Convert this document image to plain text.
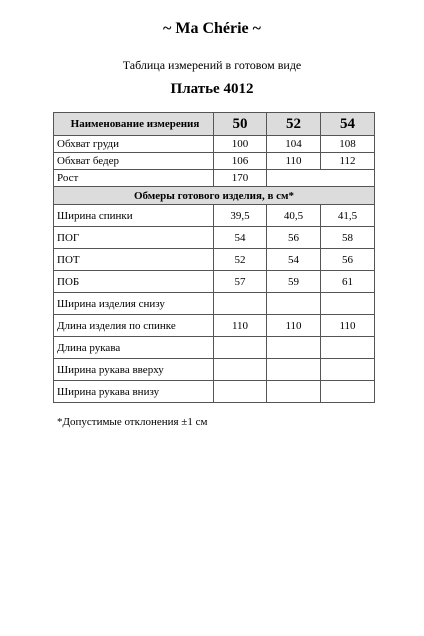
~ Ma Chérie ~
Таблица измерений в готовом виде
Платье 4012
Наименование измерения	50	52	54
Обхват груди	100	104	108
Обхват бедер	106	110	112
Рост	170		
Обмеры готового изделия, в см*			
Ширина спинки	39,5	40,5	41,5
ПОГ	54	56	58
ПОТ	52	54	56
ПОБ	57	59	61
Ширина изделия снизу			
Длина изделия по спинке	110	110	110
Длина рукава			
Ширина рукава вверху			
Ширина рукава внизу			
*Допустимые отклонения ±1 см
